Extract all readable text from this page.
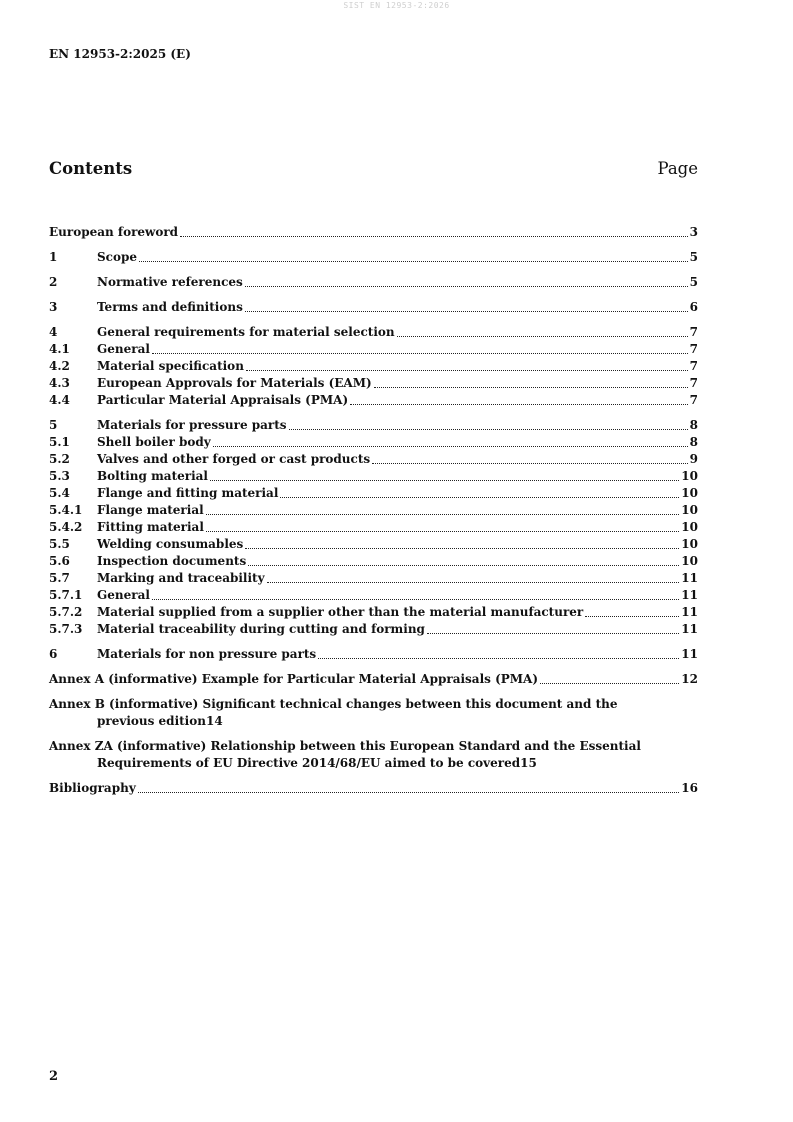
SIST EN 12953-2:2026
EN 12953-2:2025 (E)
Contents	Page
European foreword	3
1	Scope	5
2	Normative references	5
3	Terms and definitions	6
4	General requirements for material selection	7
4.1	General	7
4.2	Material specification	7
4.3	European Approvals for Materials (EAM)	7
4.4	Particular Material Appraisals (PMA)	7
5	Materials for pressure parts	8
5.1	Shell boiler body	8
5.2	Valves and other forged or cast products	9
5.3	Bolting material	10
5.4	Flange and fitting material	10
5.4.1	Flange material	10
5.4.2	Fitting material	10
5.5	Welding consumables	10
5.6	Inspection documents	10
5.7	Marking and traceability	11
5.7.1	General	11
5.7.2	Material supplied from a supplier other than the material manufacturer	11
5.7.3	Material traceability during cutting and forming	11
6	Materials for non pressure parts	11
Annex A (informative) Example for Particular Material Appraisals (PMA)	12
Annex B (informative) Significant technical changes between this document and the
previous edition 14
Annex ZA (informative) Relationship between this European Standard and the Essential
Requirements of EU Directive 2014/68/EU aimed to be covered 15
Bibliography	16
2
